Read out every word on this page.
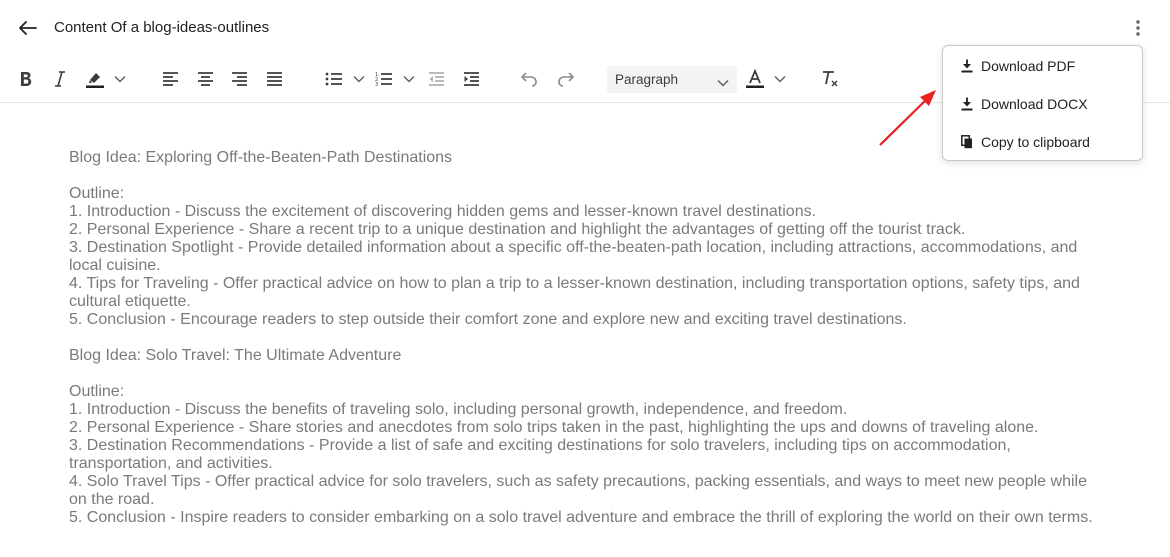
Content Of a blog-ideas-outlines
1
2
3	Paragraph

Blog Idea: Exploring Off-the-Beaten-Path Destinations

Outline:

1. Introduction - Discuss the excitement of discovering hidden gems and lesser-known travel destinations.

2. Personal Experience - Share a recent trip to a unique destination and highlight the advantages of getting off the tourist track.

3. Destination Spotlight - Provide detailed information about a specific off-the-beaten-path location, including attractions, accommodations, and local cuisine.

4. Tips for Traveling - Offer practical advice on how to plan a trip to a lesser-known destination, including transportation options, safety tips, and cultural etiquette.

5. Conclusion - Encourage readers to step outside their comfort zone and explore new and exciting travel destinations.

Blog Idea: Solo Travel: The Ultimate Adventure

Outline:

1. Introduction - Discuss the benefits of traveling solo, including personal growth, independence, and freedom.

2. Personal Experience - Share stories and anecdotes from solo trips taken in the past, highlighting the ups and downs of traveling alone.

3. Destination Recommendations - Provide a list of safe and exciting destinations for solo travelers, including tips on accommodation, transportation, and activities.

4. Solo Travel Tips - Offer practical advice for solo travelers, such as safety precautions, packing essentials, and ways to meet new people while on the road.

5. Conclusion - Inspire readers to consider embarking on a solo travel adventure and embrace the thrill of exploring the world on their own terms.

Download PDF
Download DOCX
Copy to clipboard
